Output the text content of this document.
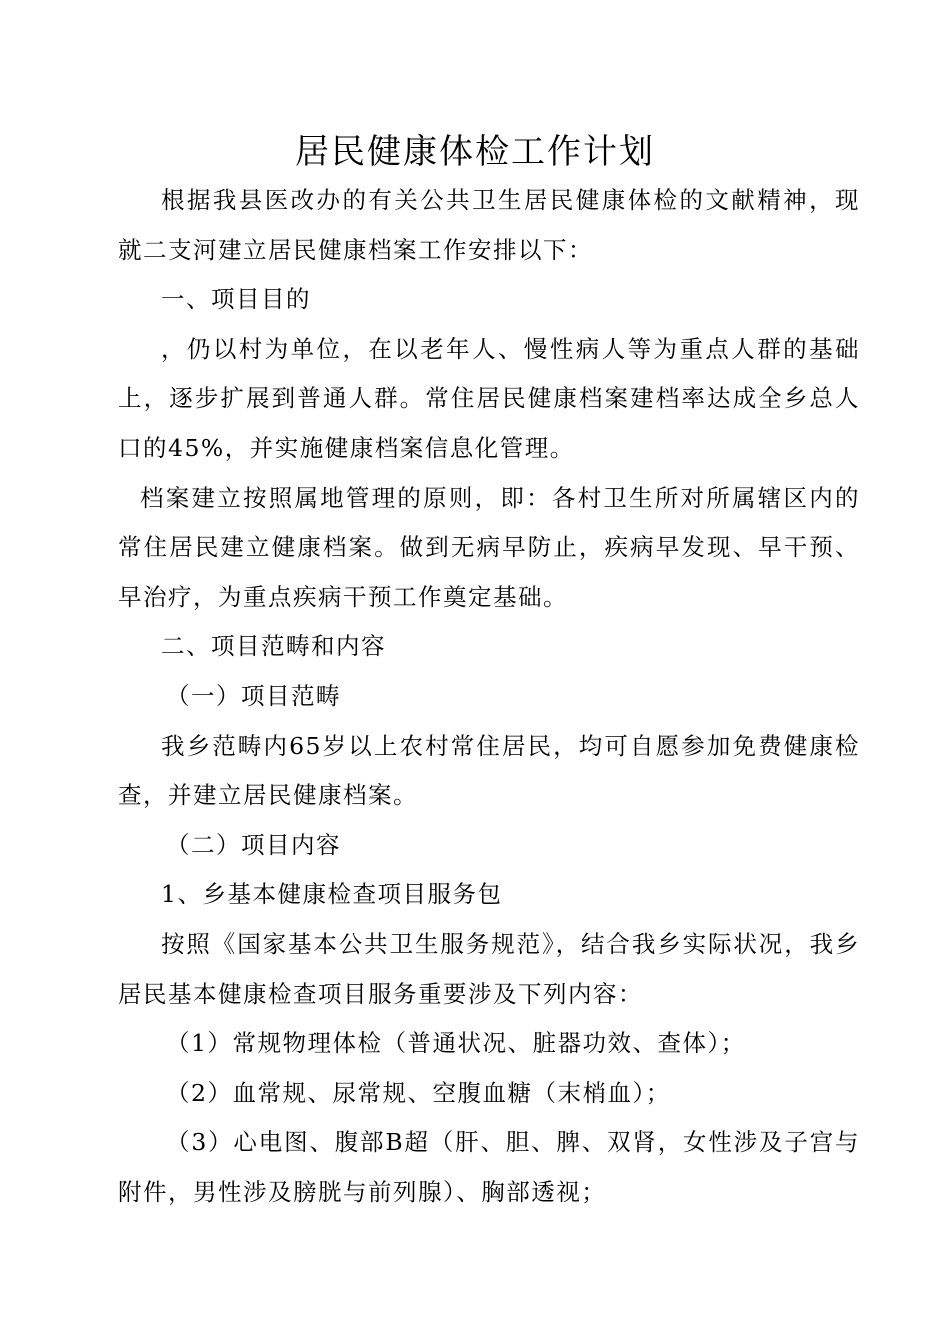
居民健康体检工作计划

根据我县医改办的有关公共卫生居民健康体检的文献精神，现就二支河建立居民健康档案工作安排以下：

一、项目目的

，仍以村为单位，在以老年人、慢性病人等为重点人群的基础上，逐步扩展到普通人群。常住居民健康档案建档率达成全乡总人口的45%，并实施健康档案信息化管理。

档案建立按照属地管理的原则，即：各村卫生所对所属辖区内的常住居民建立健康档案。做到无病早防止，疾病早发现、早干预、早治疗，为重点疾病干预工作奠定基础。

二、项目范畴和内容

（一）项目范畴

我乡范畴内65岁以上农村常住居民，均可自愿参加免费健康检查，并建立居民健康档案。

（二）项目内容

1、乡基本健康检查项目服务包

按照《国家基本公共卫生服务规范》，结合我乡实际状况，我乡居民基本健康检查项目服务重要涉及下列内容：

（1）常规物理体检（普通状况、脏器功效、查体）；

（2）血常规、尿常规、空腹血糖（末梢血）；

（3）心电图、腹部B超（肝、胆、脾、双肾，女性涉及子宫与附件，男性涉及膀胱与前列腺）、胸部透视；
